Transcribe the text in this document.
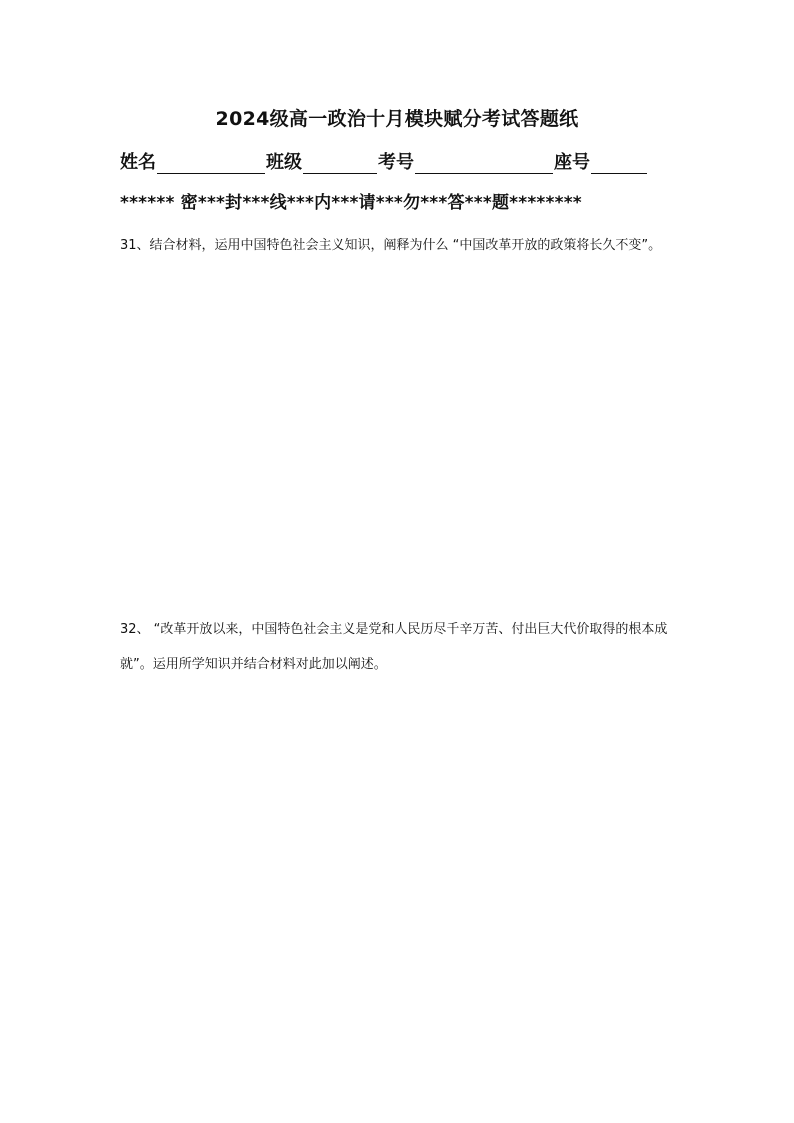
2024级高一政治十月模块赋分考试答题纸
姓名	班级	考号	座号
****** 密***封***线***内***请***勿***答***题********
31、结合材料，运用中国特色社会主义知识，阐释为什么 “中国改革开放的政策将长久不变”。
32、 “改革开放以来，中国特色社会主义是党和人民历尽千辛万苦、付出巨大代价取得的根本成就”。运用所学知识并结合材料对此加以阐述。
